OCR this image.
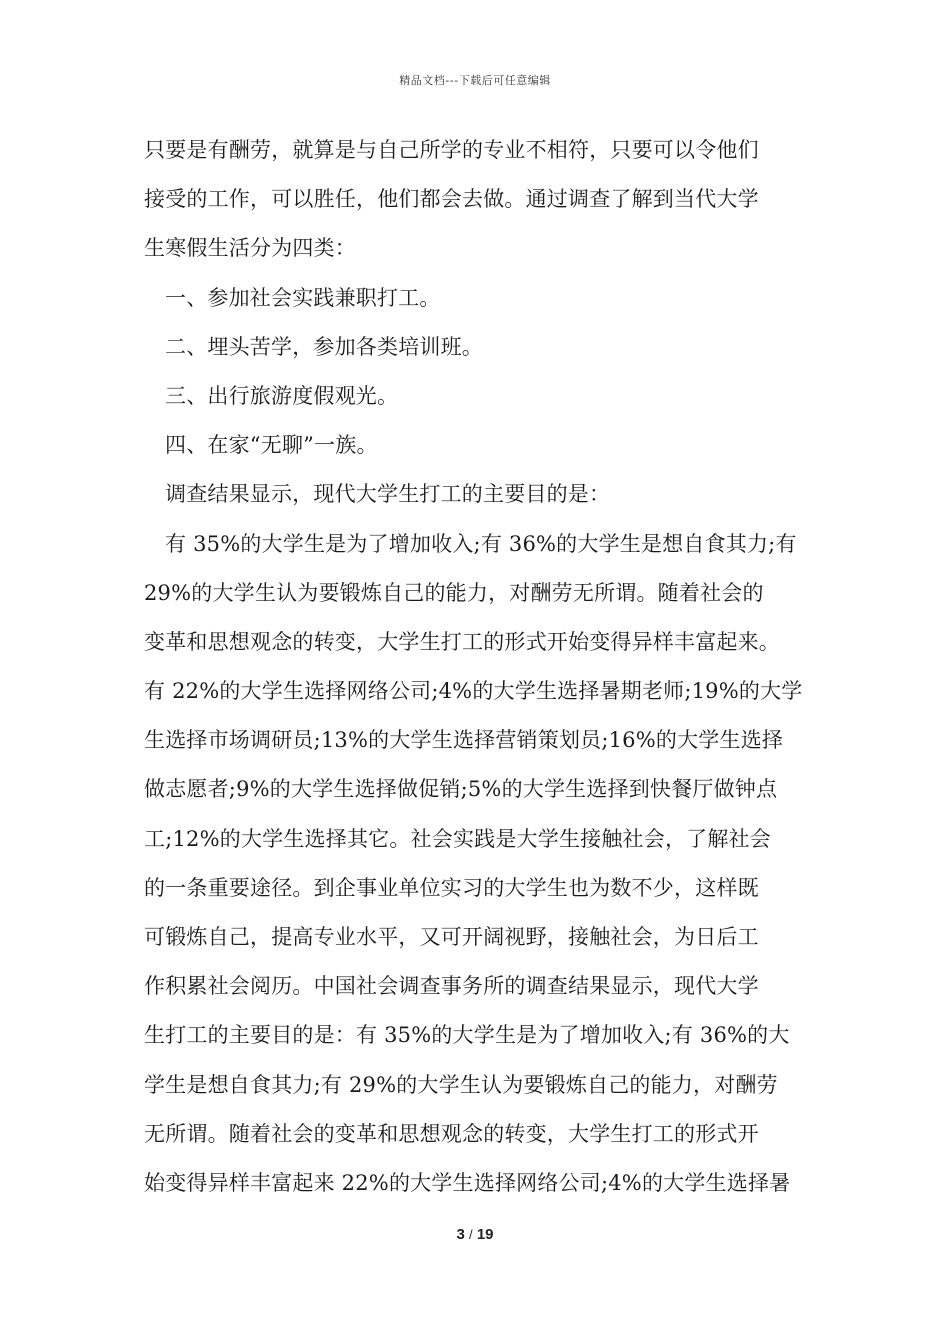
精品文档---下载后可任意编辑
只要是有酬劳，就算是与自己所学的专业不相符，只要可以令他们
接受的工作，可以胜任，他们都会去做。通过调查了解到当代大学
生寒假生活分为四类：
一、参加社会实践兼职打工。
二、埋头苦学，参加各类培训班。
三、出行旅游度假观光。
四、在家“无聊”一族。
调查结果显示，现代大学生打工的主要目的是：
有 35%的大学生是为了增加收入;有 36%的大学生是想自食其力;有
29%的大学生认为要锻炼自己的能力，对酬劳无所谓。随着社会的
变革和思想观念的转变，大学生打工的形式开始变得异样丰富起来。
有 22%的大学生选择网络公司;4%的大学生选择暑期老师;19%的大学
生选择市场调研员;13%的大学生选择营销策划员;16%的大学生选择
做志愿者;9%的大学生选择做促销;5%的大学生选择到快餐厅做钟点
工;12%的大学生选择其它。社会实践是大学生接触社会，了解社会
的一条重要途径。到企事业单位实习的大学生也为数不少，这样既
可锻炼自己，提高专业水平，又可开阔视野，接触社会，为日后工
作积累社会阅历。中国社会调查事务所的调查结果显示，现代大学
生打工的主要目的是：有 35%的大学生是为了增加收入;有 36%的大
学生是想自食其力;有 29%的大学生认为要锻炼自己的能力，对酬劳
无所谓。随着社会的变革和思想观念的转变，大学生打工的形式开
始变得异样丰富起来 22%的大学生选择网络公司;4%的大学生选择暑
3 / 19
